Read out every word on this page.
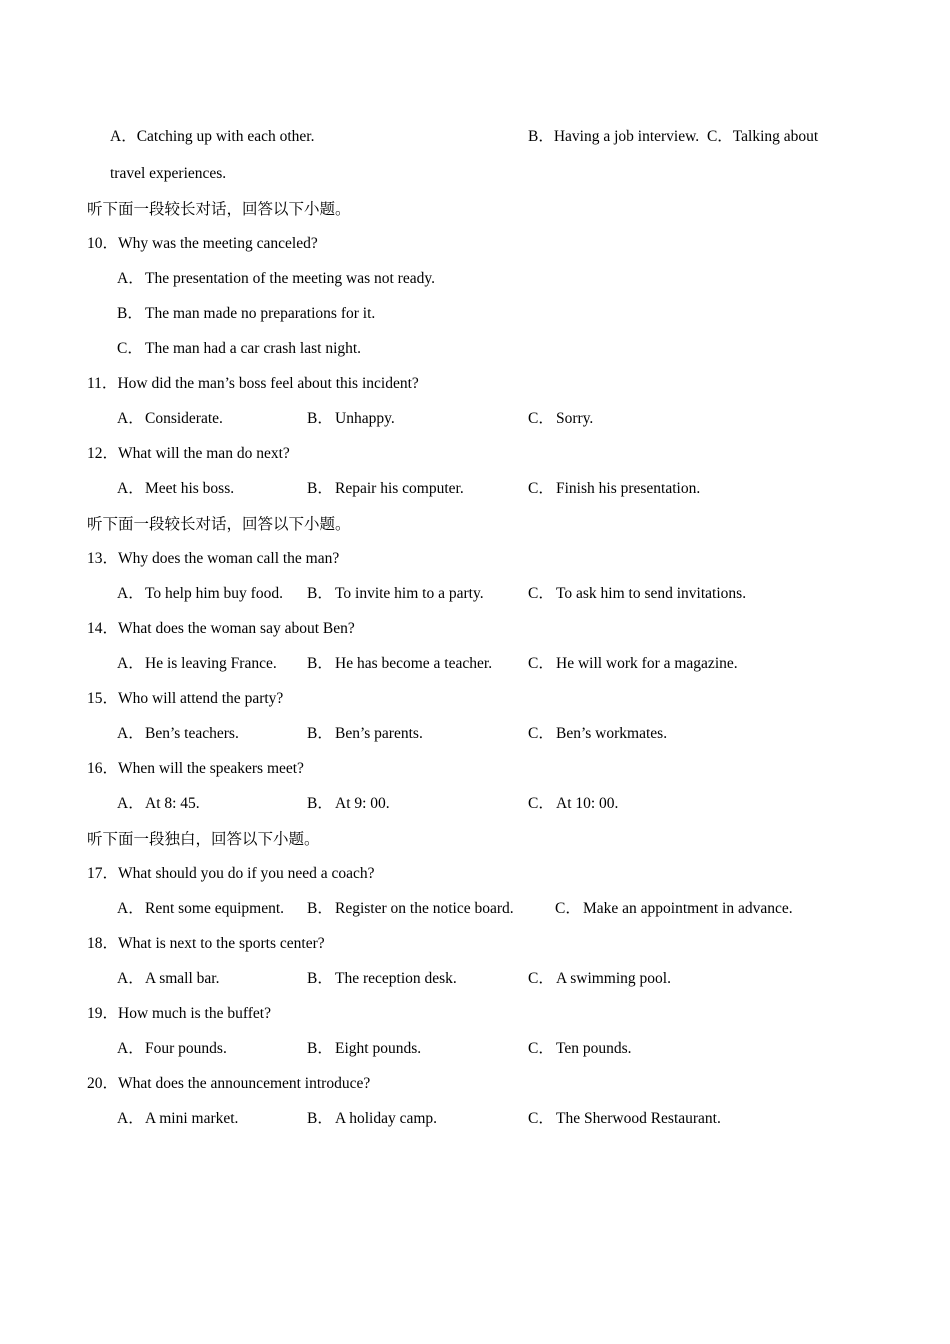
A．Catching up with each other.	B．Having a job interview. C．Talking about
travel experiences.
听下面一段较长对话，回答以下小题。
10．Why was the meeting canceled?
A．The presentation of the meeting was not ready.
B． The man made no preparations for it.
C． The man had a car crash last night.
11．How did the man’s boss feel about this incident?
A．Considerate.	B． Unhappy.	C． Sorry.
12．What will the man do next?
A．Meet his boss.	B． Repair his computer.	C． Finish his presentation.
听下面一段较长对话，回答以下小题。
13．Why does the woman call the man?
A．To help him buy food. B． To invite him to a party.	C． To ask him to send invitations.
14．What does the woman say about Ben?
A．He is leaving France. B． He has become a teacher. C． He will work for a magazine.
15．Who will attend the party?
A．Ben’s teachers.	B． Ben’s parents.	C． Ben’s workmates.
16．When will the speakers meet?
A．At 8: 45.	B． At 9: 00.	C． At 10: 00.
听下面一段独白，回答以下小题。
17．What should you do if you need a coach?
A．Rent some equipment. B． Register on the notice board.	C． Make an appointment in advance.
18．What is next to the sports center?
A．A small bar.	B． The reception desk.	C． A swimming pool.
19．How much is the buffet?
A．Four pounds.	B． Eight pounds.	C． Ten pounds.
20．What does the announcement introduce?
A．A mini market.	B． A holiday camp.	C． The Sherwood Restaurant.
